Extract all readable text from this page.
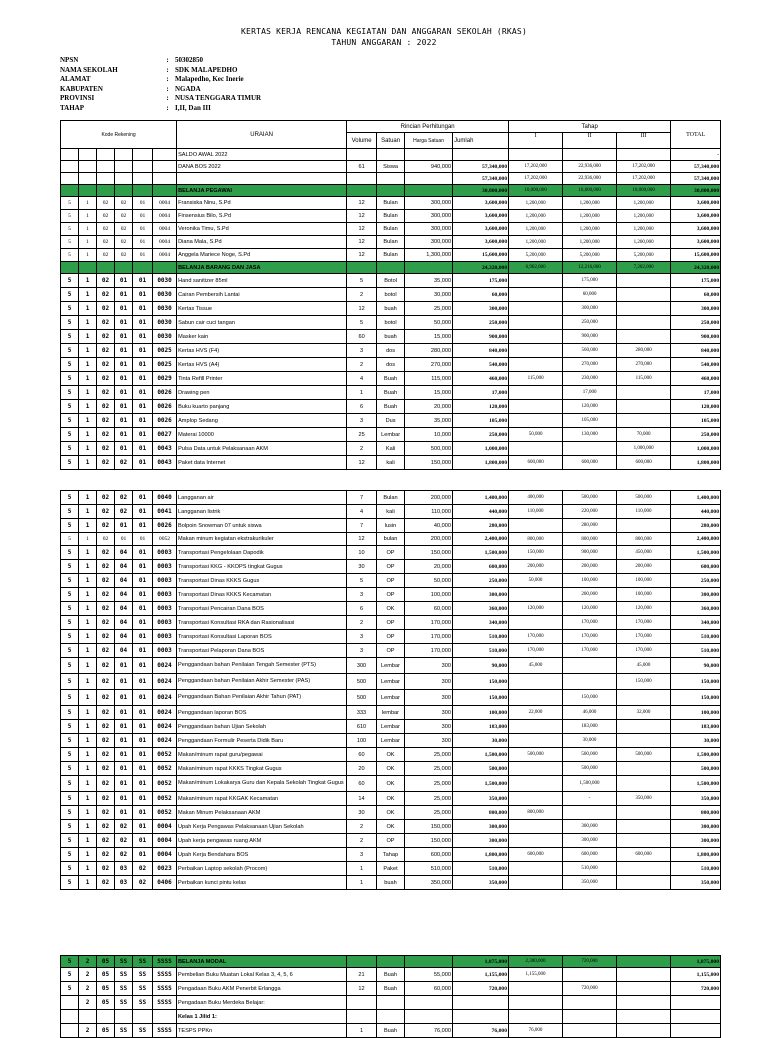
KERTAS KERJA RENCANA KEGIATAN DAN ANGGARAN SEKOLAH (RKAS)
TAHUN ANGGARAN : 2022
NPSN	: 50302850
NAMA SEKOLAH	: SDK MALAPEDHO
ALAMAT	: Malapedho, Kec Inerie
KABUPATEN	: NGADA
PROVINSI	: NUSA TENGGARA TIMUR
TAHAP	: I,II, Dan III
Kode Rekening						URAIAN	Rincian Perhitungan				Tahap			TOTAL
							Volume	Satuan	Harga Satuan	Jumlah	I	II	III	
						SALDO AWAL 2022								-
						DANA BOS 2022	61	Siswa	940,000	57,340,000	17,202,000	22,936,000	17,202,000	57,340,000
										57,340,000	17,202,000	22,936,000	17,202,000	57,340,000
						BELANJA PEGAWAI				30,800,000	10,000,000	10,800,000	10,000,000	30,800,000
5	1	02	02	01	0004	Fransiska Ninu, S.Pd	12	Bulan	300,000	3,600,000	1,200,000	1,200,000	1,200,000	3,600,000
5	1	02	02	01	0004	Finsensius Bilo, S.Pd	12	Bulan	300,000	3,600,000	1,200,000	1,200,000	1,200,000	3,600,000
5	1	02	02	01	0004	Veronika Timu, S.Pd	12	Bulan	300,000	3,600,000	1,200,000	1,200,000	1,200,000	3,600,000
5	1	02	02	01	0004	Diana Mala, S.Pd	12	Bulan	300,000	3,600,000	1,200,000	1,200,000	1,200,000	3,600,000
5	1	02	02	01	0004	Anggela Mariece Noge, S.Pd	12	Bulan	1,300,000	15,600,000	5,200,000	5,200,000	5,200,000	15,600,000
						BELANJA BARANG DAN JASA				24,320,000	6,902,000	12,216,000	7,202,000	24,320,000
5	1	02	01	01	0030	Hand sanitizer 85ml	5	Botol	35,000	175,000		175,000		175,000
5	1	02	01	01	0030	Cairan Pembersih Lantai	2	botol	30,000	60,000		60,000		60,000
5	1	02	01	01	0030	Kertas Tissue	12	buah	25,000	300,000		300,000		300,000
5	1	02	01	01	0030	Sabun cair cuci tangan	5	botol	50,000	250,000		250,000		250,000
5	1	02	01	01	0030	Masker kain	60	buah	15,000	900,000		900,000		900,000
5	1	02	01	01	0025	Kertas HVS (F4)	3	dos	280,000	840,000		560,000	280,000	840,000
5	1	02	01	01	0025	Kertas HVS (A4)	2	dos	270,000	540,000		270,000	270,000	540,000
5	1	02	01	01	0029	Tinta Refill Printer	4	Buah	115,000	460,000	115,000	230,000	115,000	460,000
5	1	02	01	01	0026	Drawing pen	1	Buah	15,000	17,000		17,000		17,000
5	1	02	01	01	0026	Buku kuarto panjang	6	Buah	20,000	120,000		120,000		120,000
5	1	02	01	01	0026	Amplop Sedang	3	Dus	35,000	105,000		105,000		105,000
5	1	02	01	01	0027	Materai 10000	25	Lembar	10,000	250,000	50,000	130,000	70,000	250,000
5	1	02	01	01	0043	Pulsa Data untuk Pelaksanaan AKM	2	Kali	500,000	1,000,000			1,000,000	1,000,000
5	1	02	02	01	0043	Paket data Internet	12	kali	150,000	1,800,000	600,000	600,000	600,000	1,800,000
5	1	02	02	01	0040	Langganan air	7	Bulan	200,000	1,400,000	400,000	500,000	500,000	1,400,000
5	1	02	02	01	0041	Langganan listrik	4	kali	110,000	440,000	110,000	220,000	110,000	440,000
5	1	02	01	01	0026	Bolpoin Snowman 07 untuk siswa	7	lusin	40,000	280,000		280,000		280,000
5	1	02	01	01	0052	Makan minum kegiatan ekstrakurikuler	12	bulan	200,000	2,400,000	800,000	800,000	800,000	2,400,000
5	1	02	04	01	0003	Transportasi Pengelolaan Dapodik	10	OP	150,000	1,500,000	150,000	900,000	450,000	1,500,000
5	1	02	04	01	0003	Transportasi KKG - KKOPS tingkat Gugus	30	OP	20,000	600,000	200,000	200,000	200,000	600,000
5	1	02	04	01	0003	Transportasi Dinas KKKS Gugus	5	OP	50,000	250,000	50,000	100,000	100,000	250,000
5	1	02	04	01	0003	Transportasi Dinas KKKS Kecamatan	3	OP	100,000	300,000		200,000	100,000	300,000
5	1	02	04	01	0003	Transportasi Pencairan Dana BOS	6	OK	60,000	360,000	120,000	120,000	120,000	360,000
5	1	02	04	01	0003	Transportasi Konsultasi RKA dan Rasionalisasi	2	OP	170,000	340,000		170,000	170,000	340,000
5	1	02	04	01	0003	Transportasi Konsultasi Laporan BOS	3	OP	170,000	510,000	170,000	170,000	170,000	510,000
5	1	02	04	01	0003	Transportasi Pelaporan Dana BOS	3	OP	170,000	510,000	170,000	170,000	170,000	510,000
5	1	02	01	01	0024	Penggandaan bahan Penilaian Tengah Semester (PTS)	300	Lembar	300	90,000	45,000		45,000	90,000
5	1	02	01	01	0024	Penggandaan bahan Penilaian Akhir Semester (PAS)	500	Lembar	300	150,000			150,000	150,000
5	1	02	01	01	0024	Penggandaan Bahan Penilaian Akhir Tahun (PAT)	500	Lembar	300	150,000		150,000		150,000
5	1	02	01	01	0024	Penggandaan laporan BOS	333	lembar	300	100,000	22,000	46,000	32,000	100,000
5	1	02	01	01	0024	Penggandaan bahan Ujian Sekolah	610	Lembar	300	183,000		183,000		183,000
5	1	02	01	01	0024	Penggandaan Formulir Peserta Didik Baru	100	Lembar	300	30,000		30,000		30,000
5	1	02	01	01	0052	Makan/minum rapat guru/pegawai	60	OK	25,000	1,500,000	500,000	500,000	500,000	1,500,000
5	1	02	01	01	0052	Makan/minum rapat KKKS Tingkat Gugus	20	OK	25,000	500,000		500,000		500,000
5	1	02	01	01	0052	Makan/minum Lokakarya Guru dan Kepala Sekolah Tingkat Gugus	60	OK	25,000	1,500,000		1,500,000		1,500,000
5	1	02	01	01	0052	Makan/minum rapat KKGAK Kecamatan	14	OK	25,000	350,000		-	350,000	350,000
5	1	02	01	01	0052	Makan Minum Pelaksanaan AKM	30	OK	25,000	800,000	800,000			800,000
5	1	02	02	01	0004	Upah Kerja Pengawas Pelaksanaan Ujian Sekolah	2	OK	150,000	300,000		300,000		300,000
5	1	02	02	01	0004	Upah kerja pengawas ruang AKM	2	OP	150,000	300,000		300,000		300,000
5	1	02	02	01	0004	Upah Kerja Bendahara BOS	3	Tahap	600,000	1,800,000	600,000	600,000	600,000	1,800,000
5	1	02	03	02	0023	Perbaikan Laptop sekolah (Procom)	1	Paket	510,000	510,000		510,000		510,000
5	1	02	03	02	0406	Perbaikan kunci pintu kelas	1	buah	350,000	350,000		350,000		350,000
5	2	05	SS	SS	SSSS	BELANJA MODAL				1,875,000	2,300,000	720,000		1,875,000
5	2	05	SS	SS	SSSS	Pembelian Buku Muatan Lokal Kelas 3, 4, 5, 6	21	Buah	55,000	1,155,000	1,155,000			1,155,000
5	2	05	SS	SS	SSSS	Pengadaan Buku AKM Penerbit Erlangga	12	Buah	60,000	720,000		720,000		720,000
	2	05	SS	SS	SSSS	Pengadaan Buku Merdeka Belajar:								
						Kelas 1 Jilid 1:								
	2	05	SS	SS	SSSS	TESPS PPKn	1	Buah	76,000	76,000	76,000			
